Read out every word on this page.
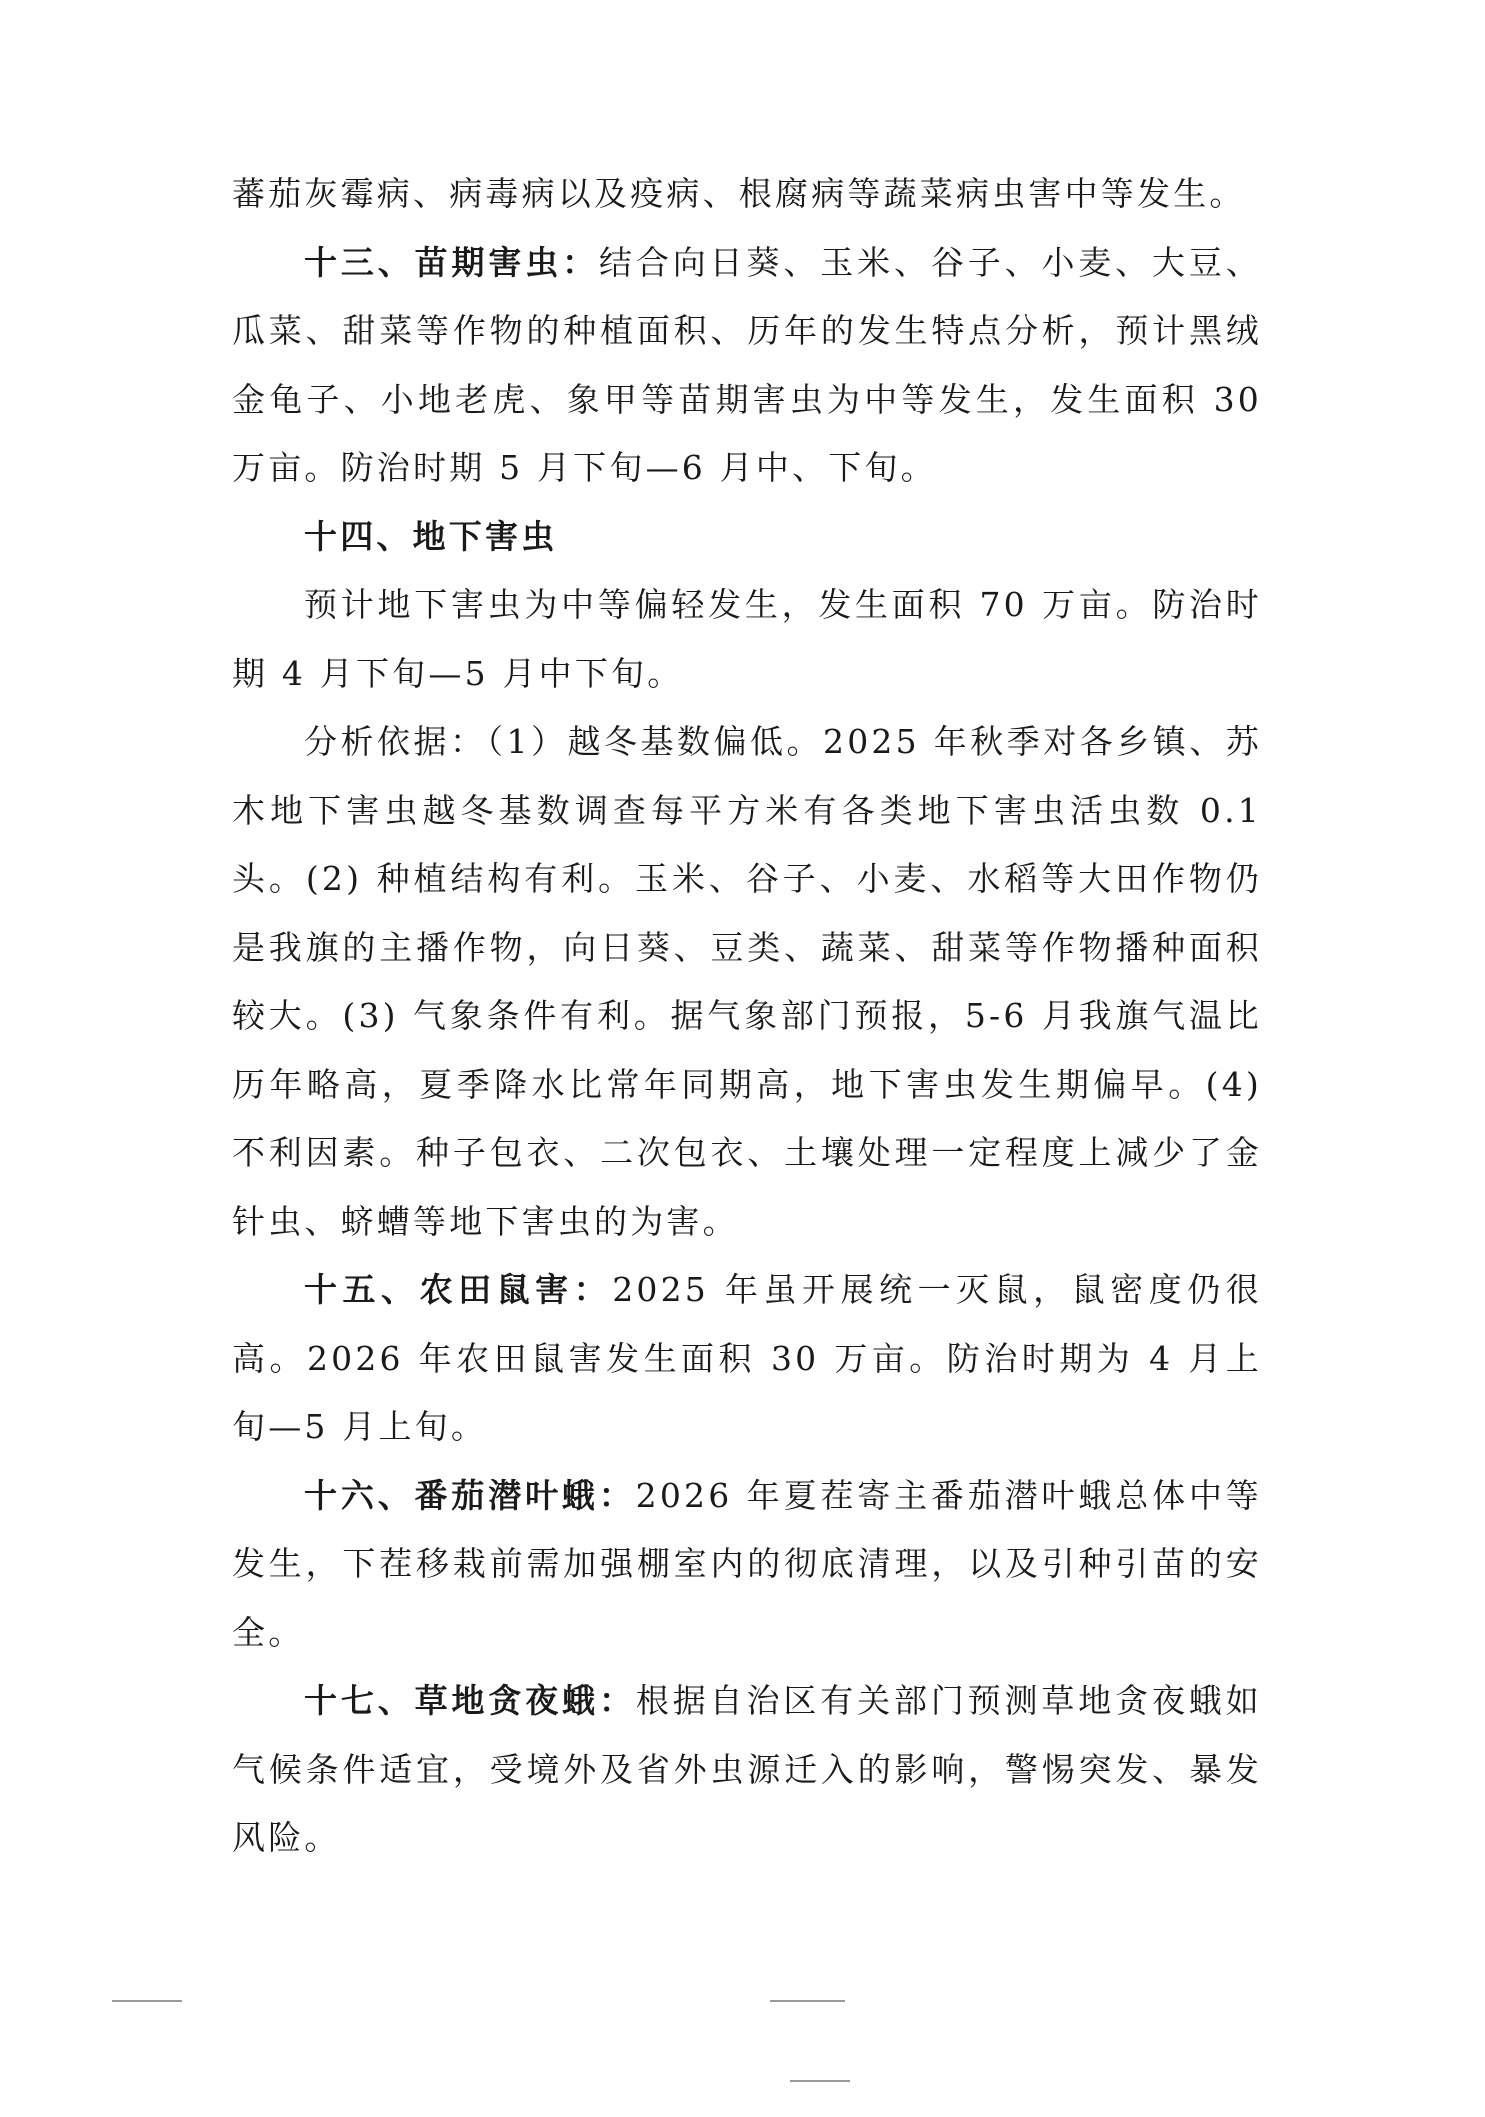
蕃茄灰霉病、病毒病以及疫病、根腐病等蔬菜病虫害中等发生。

十三、苗期害虫：结合向日葵、玉米、谷子、小麦、大豆、瓜菜、甜菜等作物的种植面积、历年的发生特点分析，预计黑绒金龟子、小地老虎、象甲等苗期害虫为中等发生，发生面积 30 万亩。防治时期 5 月下旬—6 月中、下旬。

十四、地下害虫

预计地下害虫为中等偏轻发生，发生面积 70 万亩。防治时期 4 月下旬—5 月中下旬。

分析依据：（1）越冬基数偏低。2025 年秋季对各乡镇、苏木地下害虫越冬基数调查每平方米有各类地下害虫活虫数 0.1 头。(2) 种植结构有利。玉米、谷子、小麦、水稻等大田作物仍是我旗的主播作物，向日葵、豆类、蔬菜、甜菜等作物播种面积较大。(3) 气象条件有利。据气象部门预报，5-6 月我旗气温比历年略高，夏季降水比常年同期高，地下害虫发生期偏早。(4) 不利因素。种子包衣、二次包衣、土壤处理一定程度上减少了金针虫、蛴螬等地下害虫的为害。

十五、农田鼠害：2025 年虽开展统一灭鼠，鼠密度仍很高。2026 年农田鼠害发生面积 30 万亩。防治时期为 4 月上旬—5 月上旬。

十六、番茄潜叶蛾：2026 年夏茬寄主番茄潜叶蛾总体中等发生，下茬移栽前需加强棚室内的彻底清理，以及引种引苗的安全。

十七、草地贪夜蛾：根据自治区有关部门预测草地贪夜蛾如气候条件适宜，受境外及省外虫源迁入的影响，警惕突发、暴发风险。
